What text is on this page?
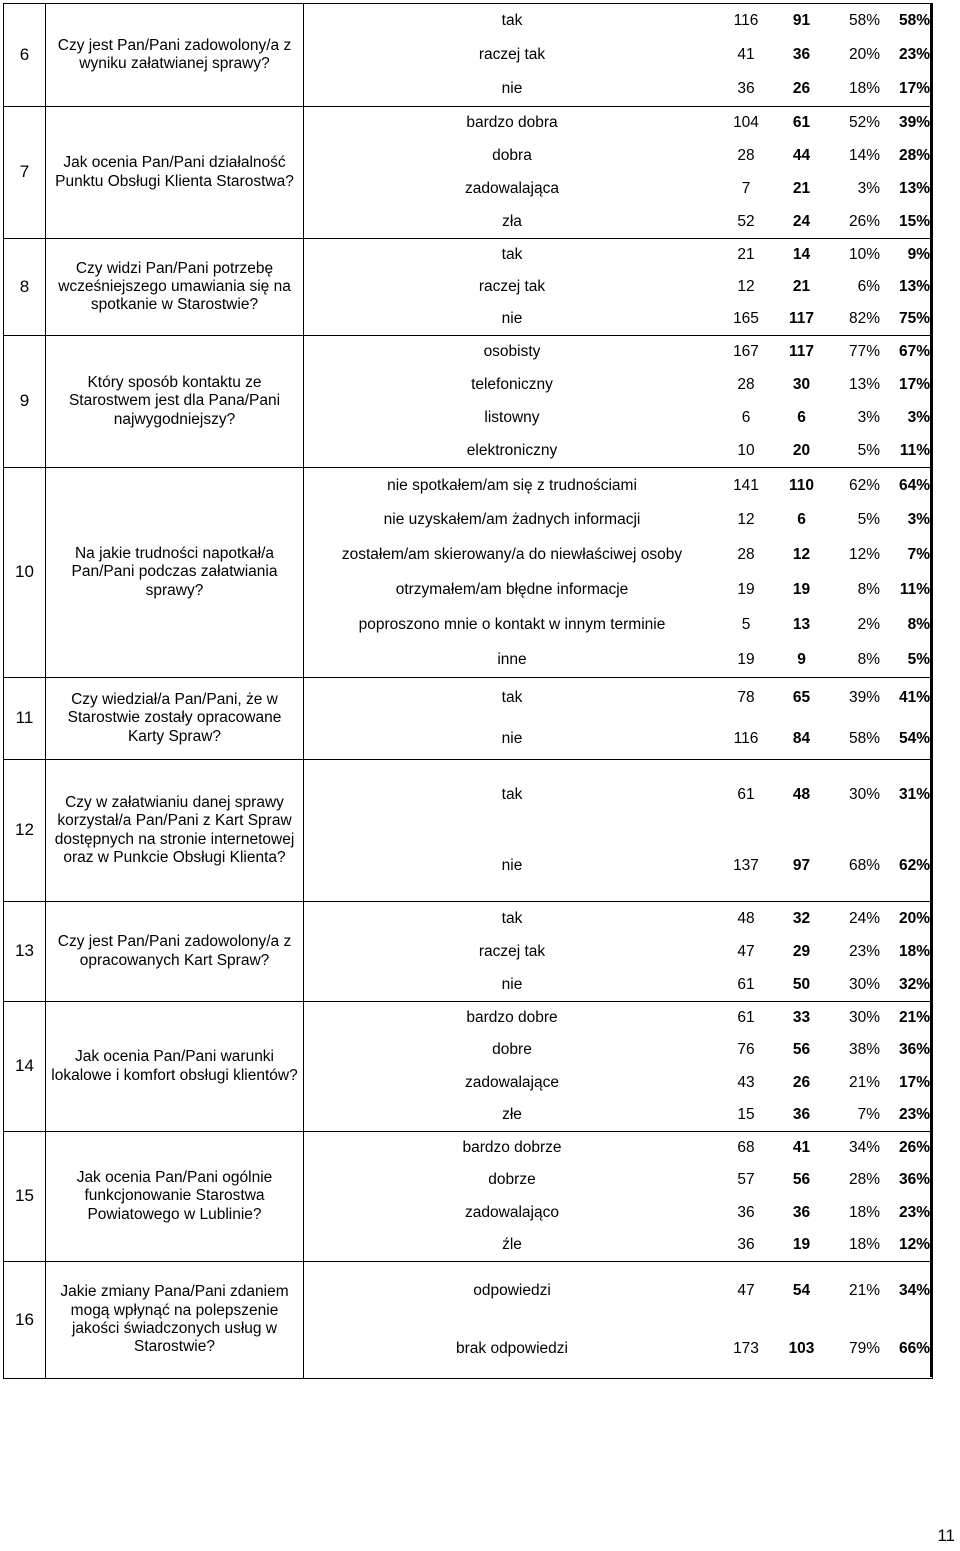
6	Czy jest Pan/Pani zadowolony/a z wyniku załatwianej sprawy?	
tak	116	91	58%	58%
raczej tak	41	36	20%	23%
nie	36	26	18%	17%

7	Jak ocenia Pan/Pani działalność Punktu Obsługi Klienta Starostwa?	
bardzo dobra	104	61	52%	39%
dobra	28	44	14%	28%
zadowalająca	7	21	3%	13%
zła	52	24	26%	15%

8	Czy widzi Pan/Pani potrzebę wcześniejszego umawiania się na spotkanie w Starostwie?	
tak	21	14	10%	9%
raczej tak	12	21	6%	13%
nie	165	117	82%	75%

9	Który sposób kontaktu ze Starostwem jest dla Pana/Pani najwygodniejszy?	
osobisty	167	117	77%	67%
telefoniczny	28	30	13%	17%
listowny	6	6	3%	3%
elektroniczny	10	20	5%	11%

10	Na jakie trudności napotkał/a Pan/Pani podczas załatwiania sprawy?	
nie spotkałem/am się z trudnościami	141	110	62%	64%
nie uzyskałem/am żadnych informacji	12	6	5%	3%
zostałem/am skierowany/a do niewłaściwej osoby	28	12	12%	7%
otrzymałem/am błędne informacje	19	19	8%	11%
poproszono mnie o kontakt w innym terminie	5	13	2%	8%
inne	19	9	8%	5%

11	Czy wiedział/a Pan/Pani, że w Starostwie zostały opracowane Karty Spraw?	
tak	78	65	39%	41%
nie	116	84	58%	54%

12	Czy w załatwianiu danej sprawy korzystał/a Pan/Pani z Kart Spraw dostępnych na stronie internetowej oraz w Punkcie Obsługi Klienta?	
tak	61	48	30%	31%
nie	137	97	68%	62%

13	Czy jest Pan/Pani zadowolony/a z opracowanych Kart Spraw?	
tak	48	32	24%	20%
raczej tak	47	29	23%	18%
nie	61	50	30%	32%

14	Jak ocenia Pan/Pani warunki lokalowe i komfort obsługi klientów?	
bardzo dobre	61	33	30%	21%
dobre	76	56	38%	36%
zadowalające	43	26	21%	17%
złe	15	36	7%	23%

15	Jak ocenia Pan/Pani ogólnie funkcjonowanie Starostwa Powiatowego w Lublinie?	
bardzo dobrze	68	41	34%	26%
dobrze	57	56	28%	36%
zadowalająco	36	36	18%	23%
źle	36	19	18%	12%

16	Jakie zmiany Pana/Pani zdaniem mogą wpłynąć na polepszenie jakości świadczonych usług w Starostwie?	
odpowiedzi	47	54	21%	34%
brak odpowiedzi	173	103	79%	66%
11
